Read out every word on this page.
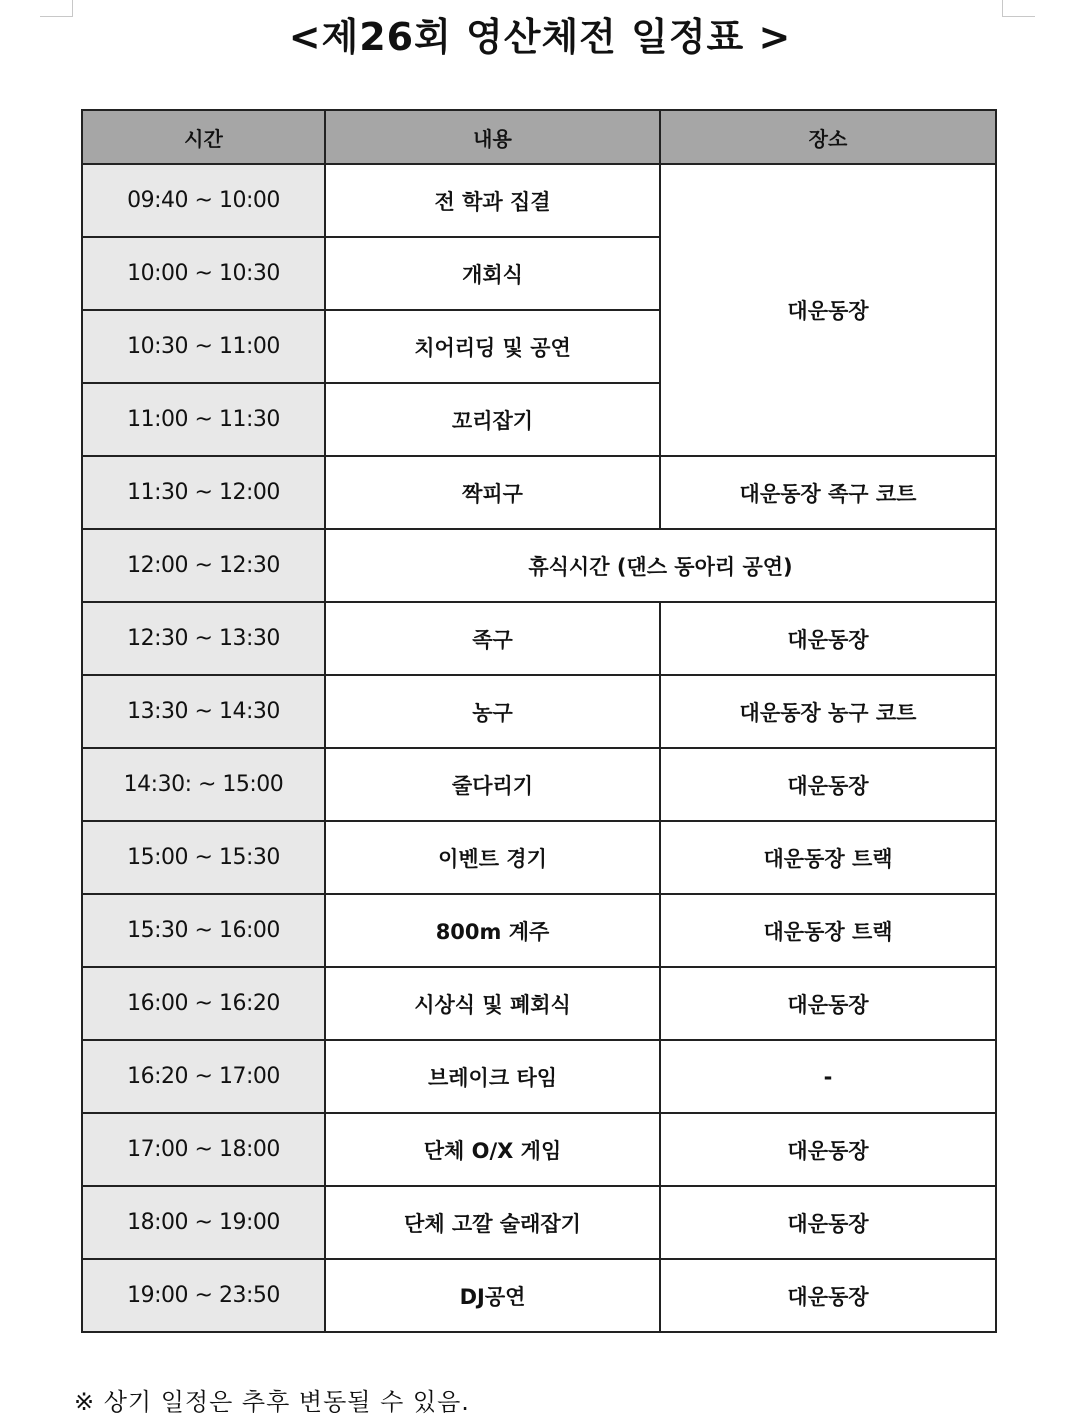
<제26회 영산체전 일정표 >
시간	내용	장소
09:40 ~ 10:00	전 학과 집결	대운동장
10:00 ~ 10:30	개회식	
10:30 ~ 11:00	치어리딩 및 공연	
11:00 ~ 11:30	꼬리잡기	
11:30 ~ 12:00	짝피구	대운동장 족구 코트
12:00 ~ 12:30	휴식시간 (댄스 동아리 공연)	
12:30 ~ 13:30	족구	대운동장
13:30 ~ 14:30	농구	대운동장 농구 코트
14:30: ~ 15:00	줄다리기	대운동장
15:00 ~ 15:30	이벤트 경기	대운동장 트랙
15:30 ~ 16:00	800m 계주	대운동장 트랙
16:00 ~ 16:20	시상식 및 폐회식	대운동장
16:20 ~ 17:00	브레이크 타임	-
17:00 ~ 18:00	단체 O/X 게임	대운동장
18:00 ~ 19:00	단체 고깔 술래잡기	대운동장
19:00 ~ 23:50	DJ공연	대운동장
※ 상기 일정은 추후 변동될 수 있음.
